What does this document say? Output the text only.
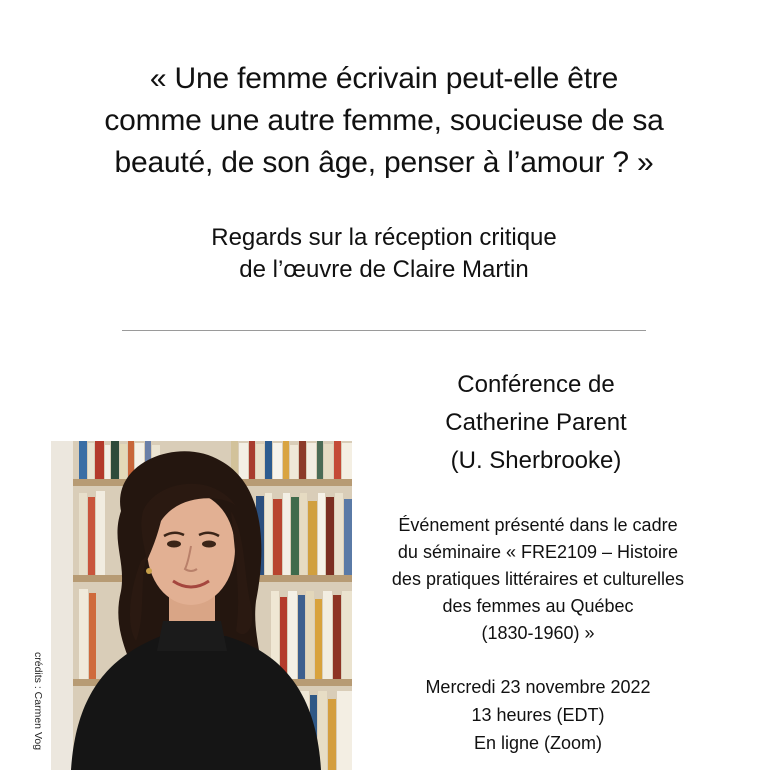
« Une femme écrivain peut-elle être
comme une autre femme, soucieuse de sa
beauté, de son âge, penser à l’amour ? »
Regards sur la réception critique
de l’œuvre de Claire Martin
Conférence de
Catherine Parent
(U. Sherbrooke)
Événement présenté dans le cadre
du séminaire « FRE2109 – Histoire
des pratiques littéraires et culturelles
des femmes au Québec
(1830-1960) »
Mercredi 23 novembre 2022
13 heures (EDT)
En ligne (Zoom)
crédits : Carmen Vog
